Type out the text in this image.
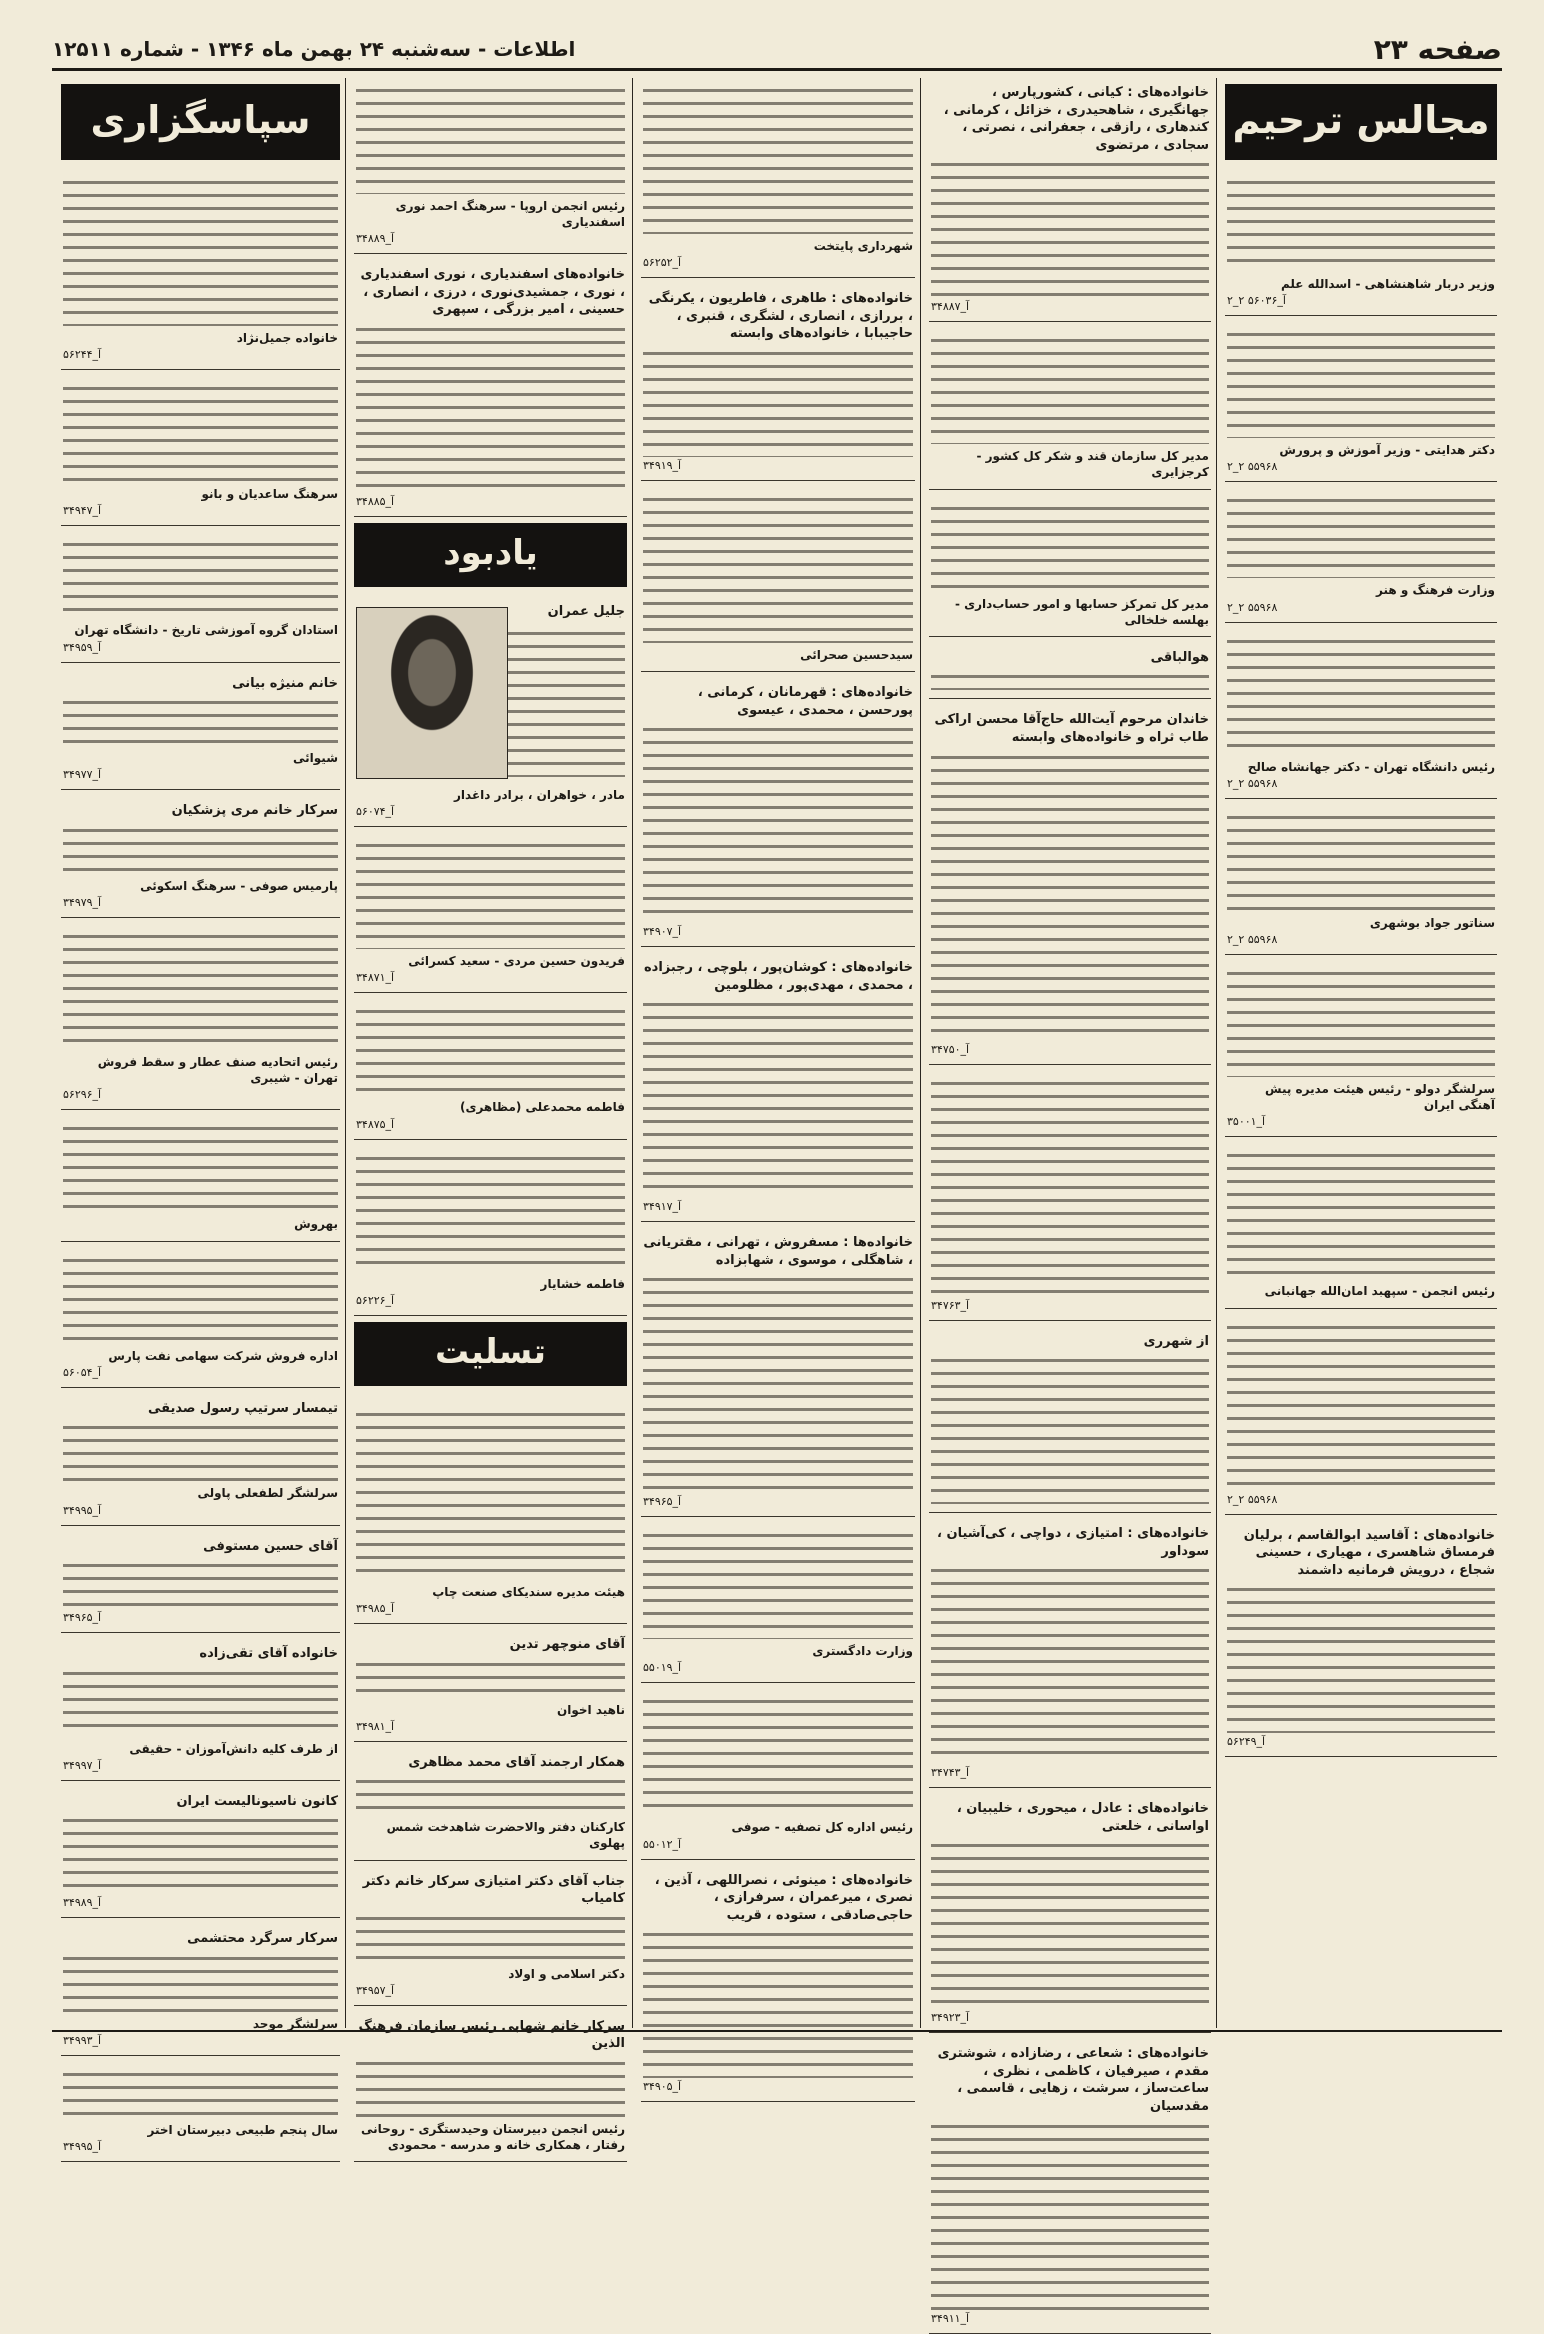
صفحه ۲۳
اطلاعات - سه‌شنبه ۲۴ بهمن ماه ۱۳۴۶ - شماره ۱۲۵۱۱
مجالس ترحیم
وزیر دربار شاهنشاهی - اسدالله علم
۲_۲ آ_۵۶۰۳۶
دکتر هدایتی - وزیر آموزش و پرورش
۲_۲ ۵۵۹۶۸
وزارت فرهنگ و هنر
۲_۲ ۵۵۹۶۸
رئیس دانشگاه تهران - دکتر جهانشاه صالح
۲_۲ ۵۵۹۶۸
سناتور جواد بوشهری
۲_۲ ۵۵۹۶۸
سرلشگر دولو - رئیس هیئت مدیره پیش آهنگی ایران
آ_۳۵۰۰۱
رئیس انجمن - سپهبد امان‌الله جهانبانی
۲_۲ ۵۵۹۶۸
خانواده‌های : آقاسید ابوالقاسم ، برلیان فرمساق شاهسری ، مهیاری ، حسینی شجاع ، درویش فرمانیه داشمند
آ_۵۶۲۴۹
خانواده‌های : کیانی ، کشورپارس ، جهانگیری ، شاهحیدری ، خزائل ، کرمانی ، کندهاری ، رازقی ، جعفرانی ، نصرتی ، سجادی ، مرتضوی
آ_۳۴۸۸۷
مدیر کل سازمان قند و شکر کل کشور - کرجزایری
مدیر کل تمرکز حسابها و امور حساب‌داری - بهلسه خلخالی
هوالباقی
خاندان مرحوم آیت‌الله حاج‌آقا محسن اراکی طاب ثراه و خانواده‌های وابسته
آ_۳۴۷۵۰
آ_۳۴۷۶۳
از شهرری
خانواده‌های : امتیازی ، دواچی ، کی‌آشیان ، سوداور
آ_۳۴۷۴۳
خانواده‌های : عادل ، میحوری ، خلیبیان ، اواسانی ، خلعتی
آ_۳۴۹۲۳
خانواده‌های : شعاعی ، رضازاده ، شوشتری مقدم ، صیرفیان ، کاظمی ، نظری ، ساعت‌ساز ، سرشت ، زهایی ، قاسمی ، مقدسیان
آ_۳۴۹۱۱
شهرداری پایتخت
آ_۵۶۲۵۲
خانواده‌های : طاهری ، فاطریون ، یکرنگی ، بررازی ، انصاری ، لشگری ، قنبری ، حاجیبابا ، خانواده‌های وابسته
آ_۳۴۹۱۹
سیدحسین صحرائی
خانواده‌های : قهرمانان ، کرمانی ، پورحسن ، محمدی ، عیسوی
آ_۳۴۹۰۷
خانواده‌های : کوشان‌پور ، بلوچی ، رجبزاده ، محمدی ، مهدی‌پور ، مظلومین
آ_۳۴۹۱۷
خانواده‌ها : مسفروش ، تهرانی ، مقتریانی ، شاهگلی ، موسوی ، شهابزاده
آ_۳۴۹۶۵
وزارت دادگستری
آ_۵۵۰۱۹
رئیس اداره کل تصفیه - صوفی
آ_۵۵۰۱۲
خانواده‌های : مینوئی ، نصراللهی ، آذین ، نصری ، میرعمران ، سرفرازی ، حاجی‌صادقی ، ستوده ، قریب
آ_۳۴۹۰۵
رئیس انجمن اروپا - سرهنگ احمد نوری اسفندیاری
آ_۳۴۸۸۹
خانواده‌های اسفندیاری ، نوری اسفندیاری ، نوری ، جمشیدی‌نوری ، درزی ، انصاری ، حسینی ، امیر بزرگی ، سپهری
آ_۳۴۸۸۵
یادبود
جلیل عمران
مادر ، خواهران ، برادر داغدار
آ_۵۶۰۷۴
فریدون حسین مردی - سعید کسرائی
آ_۳۴۸۷۱
فاطمه محمدعلی (مظاهری)
آ_۳۴۸۷۵
فاطمه خشایار
آ_۵۶۲۲۶
تسلیت
هیئت مدیره سندیکای صنعت چاپ
آ_۳۴۹۸۵
آقای منوچهر تدین
ناهید اخوان
آ_۳۴۹۸۱
همکار ارجمند آقای محمد مظاهری
کارکنان دفتر والاحضرت شاهدخت شمس پهلوی
جناب آقای دکتر امتیازی سرکار خانم دکتر کامیاب
دکتر اسلامی و اولاد
آ_۳۴۹۵۷
سرکار خانم شهابی رئیس سازمان فرهنگ الذین
رئیس انجمن دبیرستان وحیدستگری - روحانی رفتار ، همکاری خانه و مدرسه - محمودی
سپاسگزاری
خانواده جمیل‌نژاد
آ_۵۶۲۴۴
سرهنگ ساعدیان و بانو
آ_۳۴۹۴۷
استادان گروه آموزشی تاریخ - دانشگاه تهران
آ_۳۴۹۵۹
خانم منیژه بیانی
شیوائی
آ_۳۴۹۷۷
سرکار خانم مری پزشکیان
پارمیس صوفی - سرهنگ اسکوئی
آ_۳۴۹۷۹
رئیس اتحادیه صنف عطار و سقط فروش تهران - شیبری
آ_۵۶۲۹۶
بهروش
اداره فروش شرکت سهامی نفت پارس
آ_۵۶۰۵۴
تیمسار سرتیپ رسول صدیقی
سرلشگر لطفعلی پاولی
آ_۳۴۹۹۵
آقای حسین مستوفی
آ_۳۴۹۶۵
خانواده آقای تقی‌زاده
از طرف کلیه دانش‌آموزان - حقیقی
آ_۳۴۹۹۷
کانون ناسیونالیست ایران
آ_۳۴۹۸۹
سرکار سرگرد محتشمی
سرلشگر موحد
آ_۳۴۹۹۳
سال پنجم طبیعی دبیرستان اختر
آ_۳۴۹۹۵
